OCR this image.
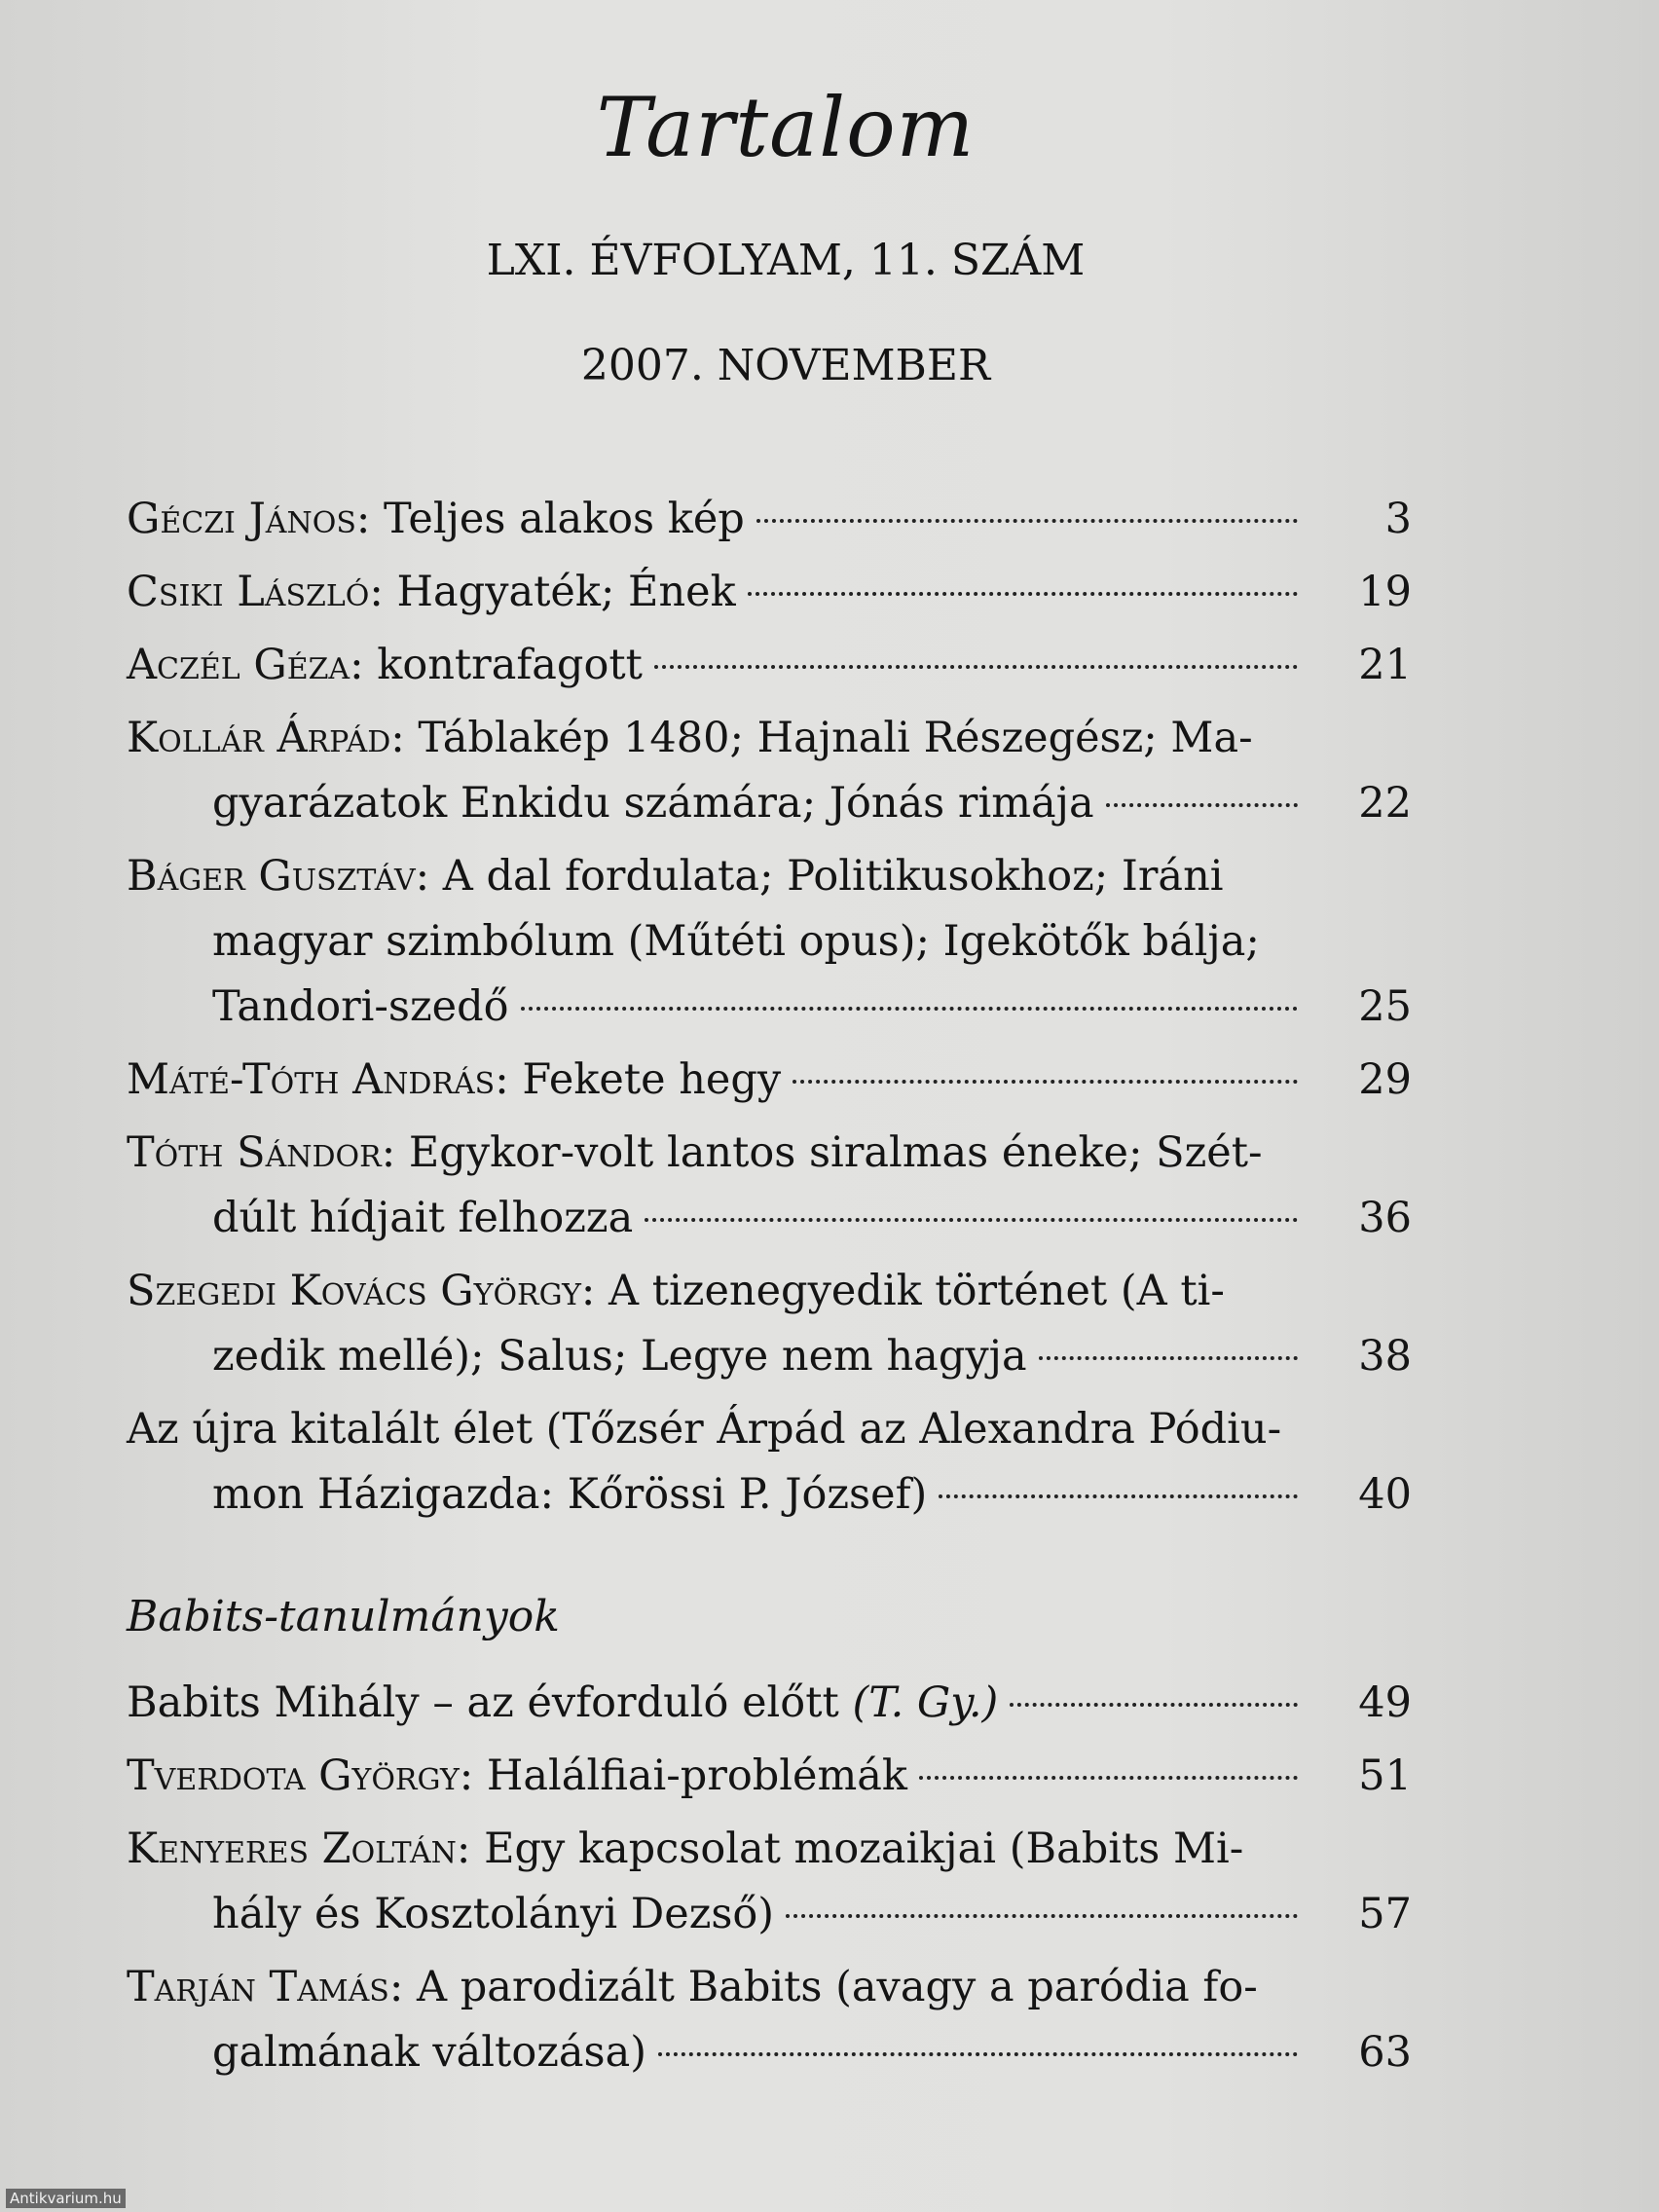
Tartalom
LXI. ÉVFOLYAM, 11. SZÁM
2007. NOVEMBER
Géczi János: Teljes alakos kép	3
Csiki László: Hagyaték; Ének	19
Aczél Géza: kontrafagott	21
Kollár Árpád: Táblakép 1480; Hajnali Részegész; Ma-
gyarázatok Enkidu számára; Jónás rimája	22
Báger Gusztáv: A dal fordulata; Politikusokhoz; Iráni
magyar szimbólum (Műtéti opus); Igekötők bálja;
Tandori-szedő	25
Máté-Tóth András: Fekete hegy	29
Tóth Sándor: Egykor-volt lantos siralmas éneke; Szét-
dúlt hídjait felhozza	36
Szegedi Kovács György: A tizenegyedik történet (A ti-
zedik mellé); Salus; Legye nem hagyja	38
Az újra kitalált élet (Tőzsér Árpád az Alexandra Pódiu-
mon Házigazda: Kőrössi P. József)	40
Babits-tanulmányok
Babits Mihály – az évforduló előtt (T. Gy.)	49
Tverdota György: Halálfiai-problémák	51
Kenyeres Zoltán: Egy kapcsolat mozaikjai (Babits Mi-
hály és Kosztolányi Dezső)	57
Tarján Tamás: A parodizált Babits (avagy a paródia fo-
galmának változása)	63
Antikvarium.hu
